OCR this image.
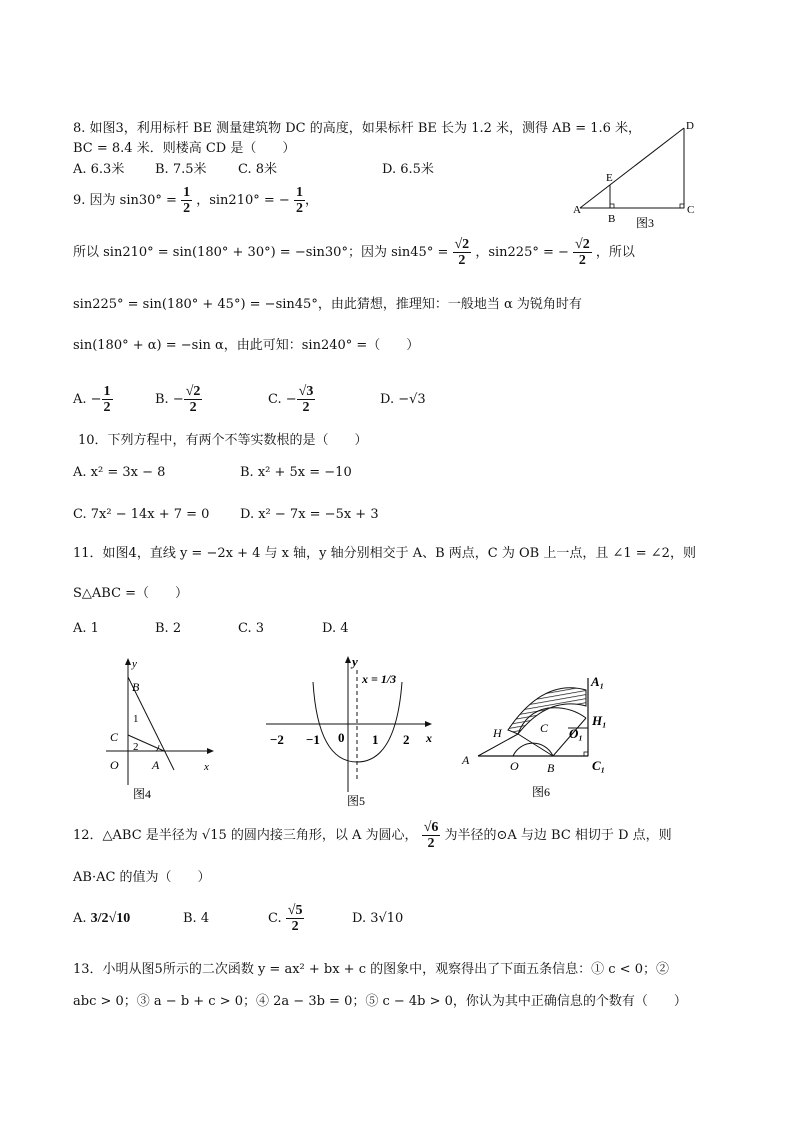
8. 如图3，利用标杆 BE 测量建筑物 DC 的高度，如果标杆 BE 长为 1.2 米，测得 AB = 1.6 米，
BC = 8.4 米．则楼高 CD 是（　　）
A. 6.3米 B. 7.5米 C. 8米	D. 6.5米
D
E
A
B
C
图3
9. 因为 $\sin 30^\circ = \frac{1}{2}$ ，sin210° = − $\frac{1}{2}$ ，
所以 sin210° = sin(180° + 30°) = −sin30°；因为 $\sin 45^\circ = \frac{√2}{2}$ ，sin225° = − $\frac{√2}{2}$ ，所以
sin225° = sin(180° + 45°) = −sin45°，由此猜想，推理知：一般地当 α 为锐角时有
sin(180° + α) = −sin α，由此可知：sin240° =（　　）
A. − $\frac{1}{2}$	B. − $\frac{√2}{2}$	C. − $\frac{√3}{2}$	D. −√3
10．下列方程中，有两个不等实数根的是（　　）
A. x² = 3x − 8	B. x² + 5x = −10
C. 7x² − 14x + 7 = 0 D. x² − 7x = −5x + 3
11．如图4，直线 y = −2x + 4 与 x 轴，y 轴分别相交于 A、B 两点，C 为 OB 上一点，且 ∠1 = ∠2，则
S△ABC =（　　）
A. 1	B. 2	C. 3	D. 4
y
B
1
C
2
O	A	x
图4
y
x = 1/3
−2 −1 0 1 2 x
图5
A₁
H₁
O₁
C₁
H	C
A	O B
图6
12．△ABC 是半径为 √15 的圆内接三角形，以 A 为圆心， $\frac{√6}{2}$ 为半径的⊙A 与边 BC 相切于 D 点，则
AB·AC 的值为（　　）
A. 3/2√10	B. 4	C. $\frac{√5}{2}$	D. 3√10
13．小明从图5所示的二次函数 y = ax² + bx + c 的图象中，观察得出了下面五条信息：① c < 0；②
abc > 0；③ a − b + c > 0；④ 2a − 3b = 0；⑤ c − 4b > 0，你认为其中正确信息的个数有（　　）
